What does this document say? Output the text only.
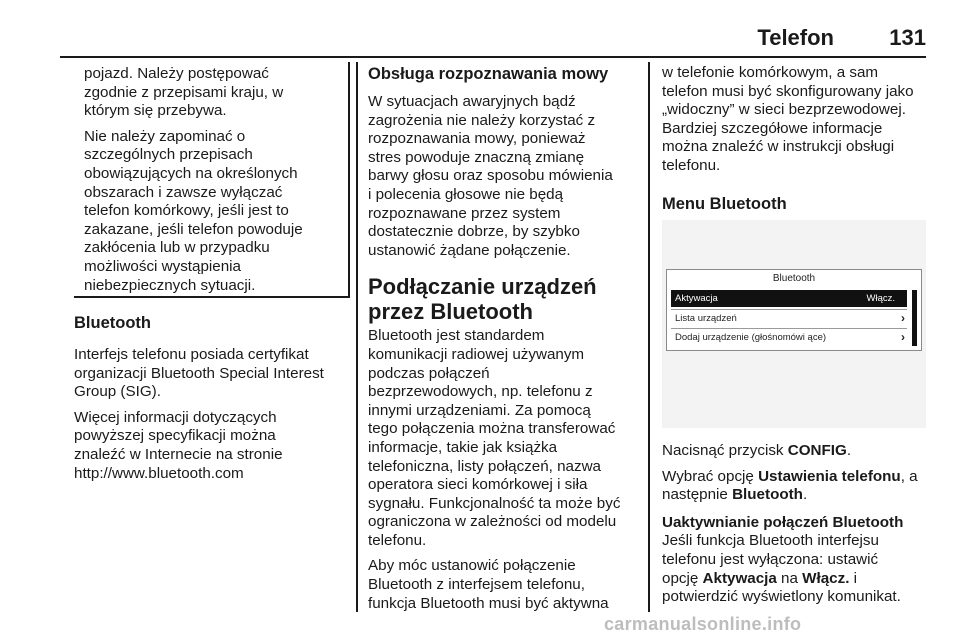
Telefon	131

pojazd. Należy postępować
zgodnie z przepisami kraju, w
którym się przebywa.

Nie należy zapominać o
szczególnych przepisach
obowiązujących na określonych
obszarach i zawsze wyłączać
telefon komórkowy, jeśli jest to
zakazane, jeśli telefon powoduje
zakłócenia lub w przypadku
możliwości wystąpienia
niebezpiecznych sytuacji.

Bluetooth

Interfejs telefonu posiada certyfikat
organizacji Bluetooth Special Interest
Group (SIG).

Więcej informacji dotyczących
powyższej specyfikacji można
znaleźć w Internecie na stronie
http://www.bluetooth.com

Obsługa rozpoznawania mowy

W sytuacjach awaryjnych bądź
zagrożenia nie należy korzystać z
rozpoznawania mowy, ponieważ
stres powoduje znaczną zmianę
barwy głosu oraz sposobu mówienia
i polecenia głosowe nie będą
rozpoznawane przez system
dostatecznie dobrze, by szybko
ustanowić żądane połączenie.

Podłączanie urządzeń
przez Bluetooth

Bluetooth jest standardem
komunikacji radiowej używanym
podczas połączeń
bezprzewodowych, np. telefonu z
innymi urządzeniami. Za pomocą
tego połączenia można transferować
informacje, takie jak książka
telefoniczna, listy połączeń, nazwa
operatora sieci komórkowej i siła
sygnału. Funkcjonalność ta może być
ograniczona w zależności od modelu
telefonu.

Aby móc ustanowić połączenie
Bluetooth z interfejsem telefonu,
funkcja Bluetooth musi być aktywna

w telefonie komórkowym, a sam
telefon musi być skonfigurowany jako
„widoczny” w sieci bezprzewodowej.
Bardziej szczegółowe informacje
można znaleźć w instrukcji obsługi
telefonu.

Menu Bluetooth
Bluetooth
Aktywacja	Włącz.
Lista urządzeń	›
Dodaj urządzenie (głośnomówi ące)	›

Nacisnąć przycisk CONFIG.

Wybrać opcję Ustawienia telefonu, a
następnie Bluetooth.

Uaktywnianie połączeń Bluetooth

Jeśli funkcja Bluetooth interfejsu
telefonu jest wyłączona: ustawić
opcję Aktywacja na Włącz. i
potwierdzić wyświetlony komunikat.

carmanualsonline.info
